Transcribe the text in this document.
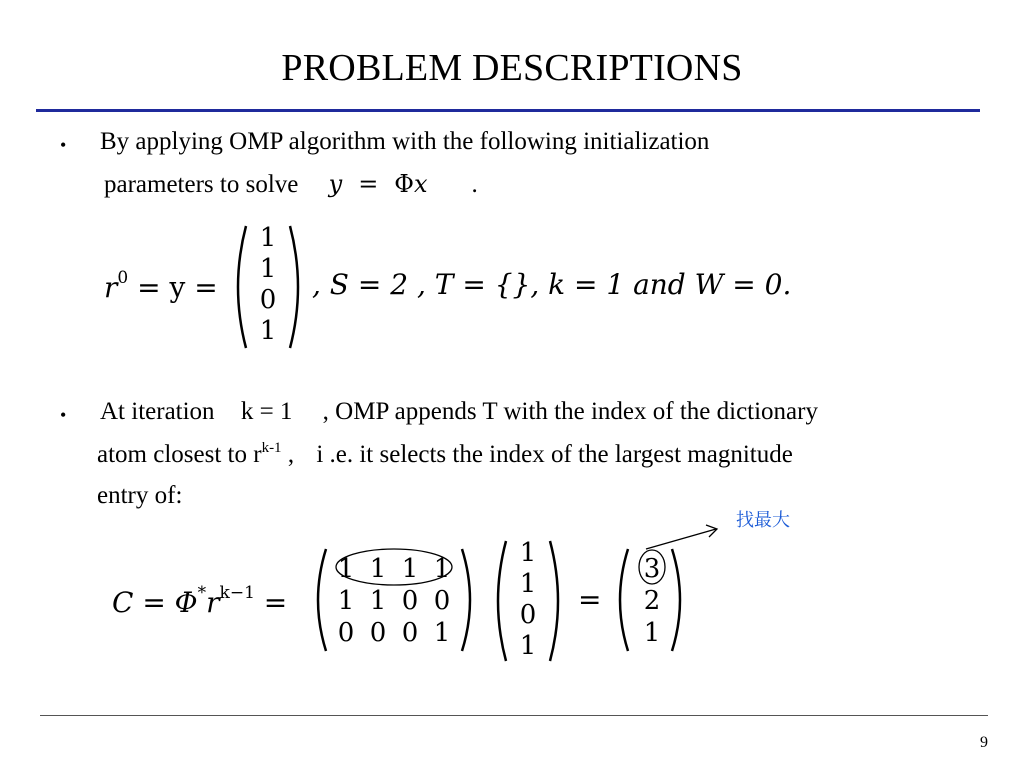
PROBLEM DESCRIPTIONS
• By applying OMP algorithm with the following initialization
parameters to solve y = Φx .
$r^0 = y$ =
1
1
0
1
, S = 2 , T = {}, k = 1 and W = 0.
• At iteration k = 1 , OMP appends T with the index of the dictionary
atom closest to $r^{k-1}$ , i .e. it selects the index of the largest magnitude
entry of:
找最大
$C = \Phi^*r^{k-1}$ =
1 1 1 1
1 1 0 0
0 0 0 1
1
1
0
1
=
3
2
1
9
